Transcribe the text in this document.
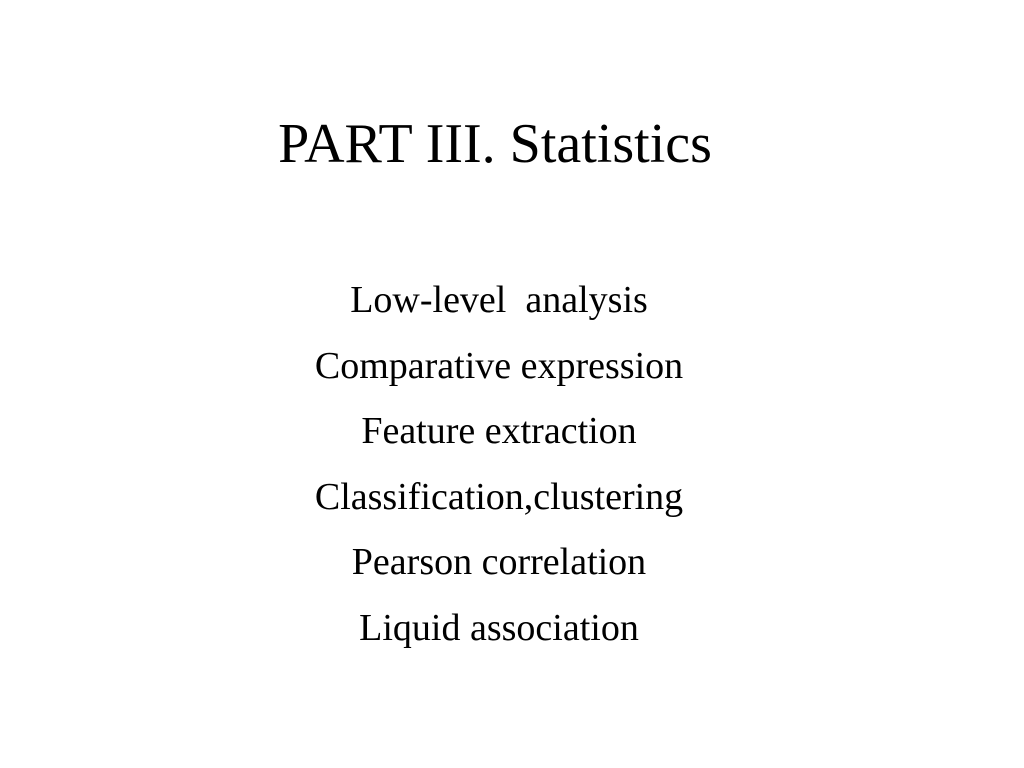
PART III. Statistics
Low-level  analysis
Comparative expression
Feature extraction
Classification,clustering
Pearson correlation
Liquid association
